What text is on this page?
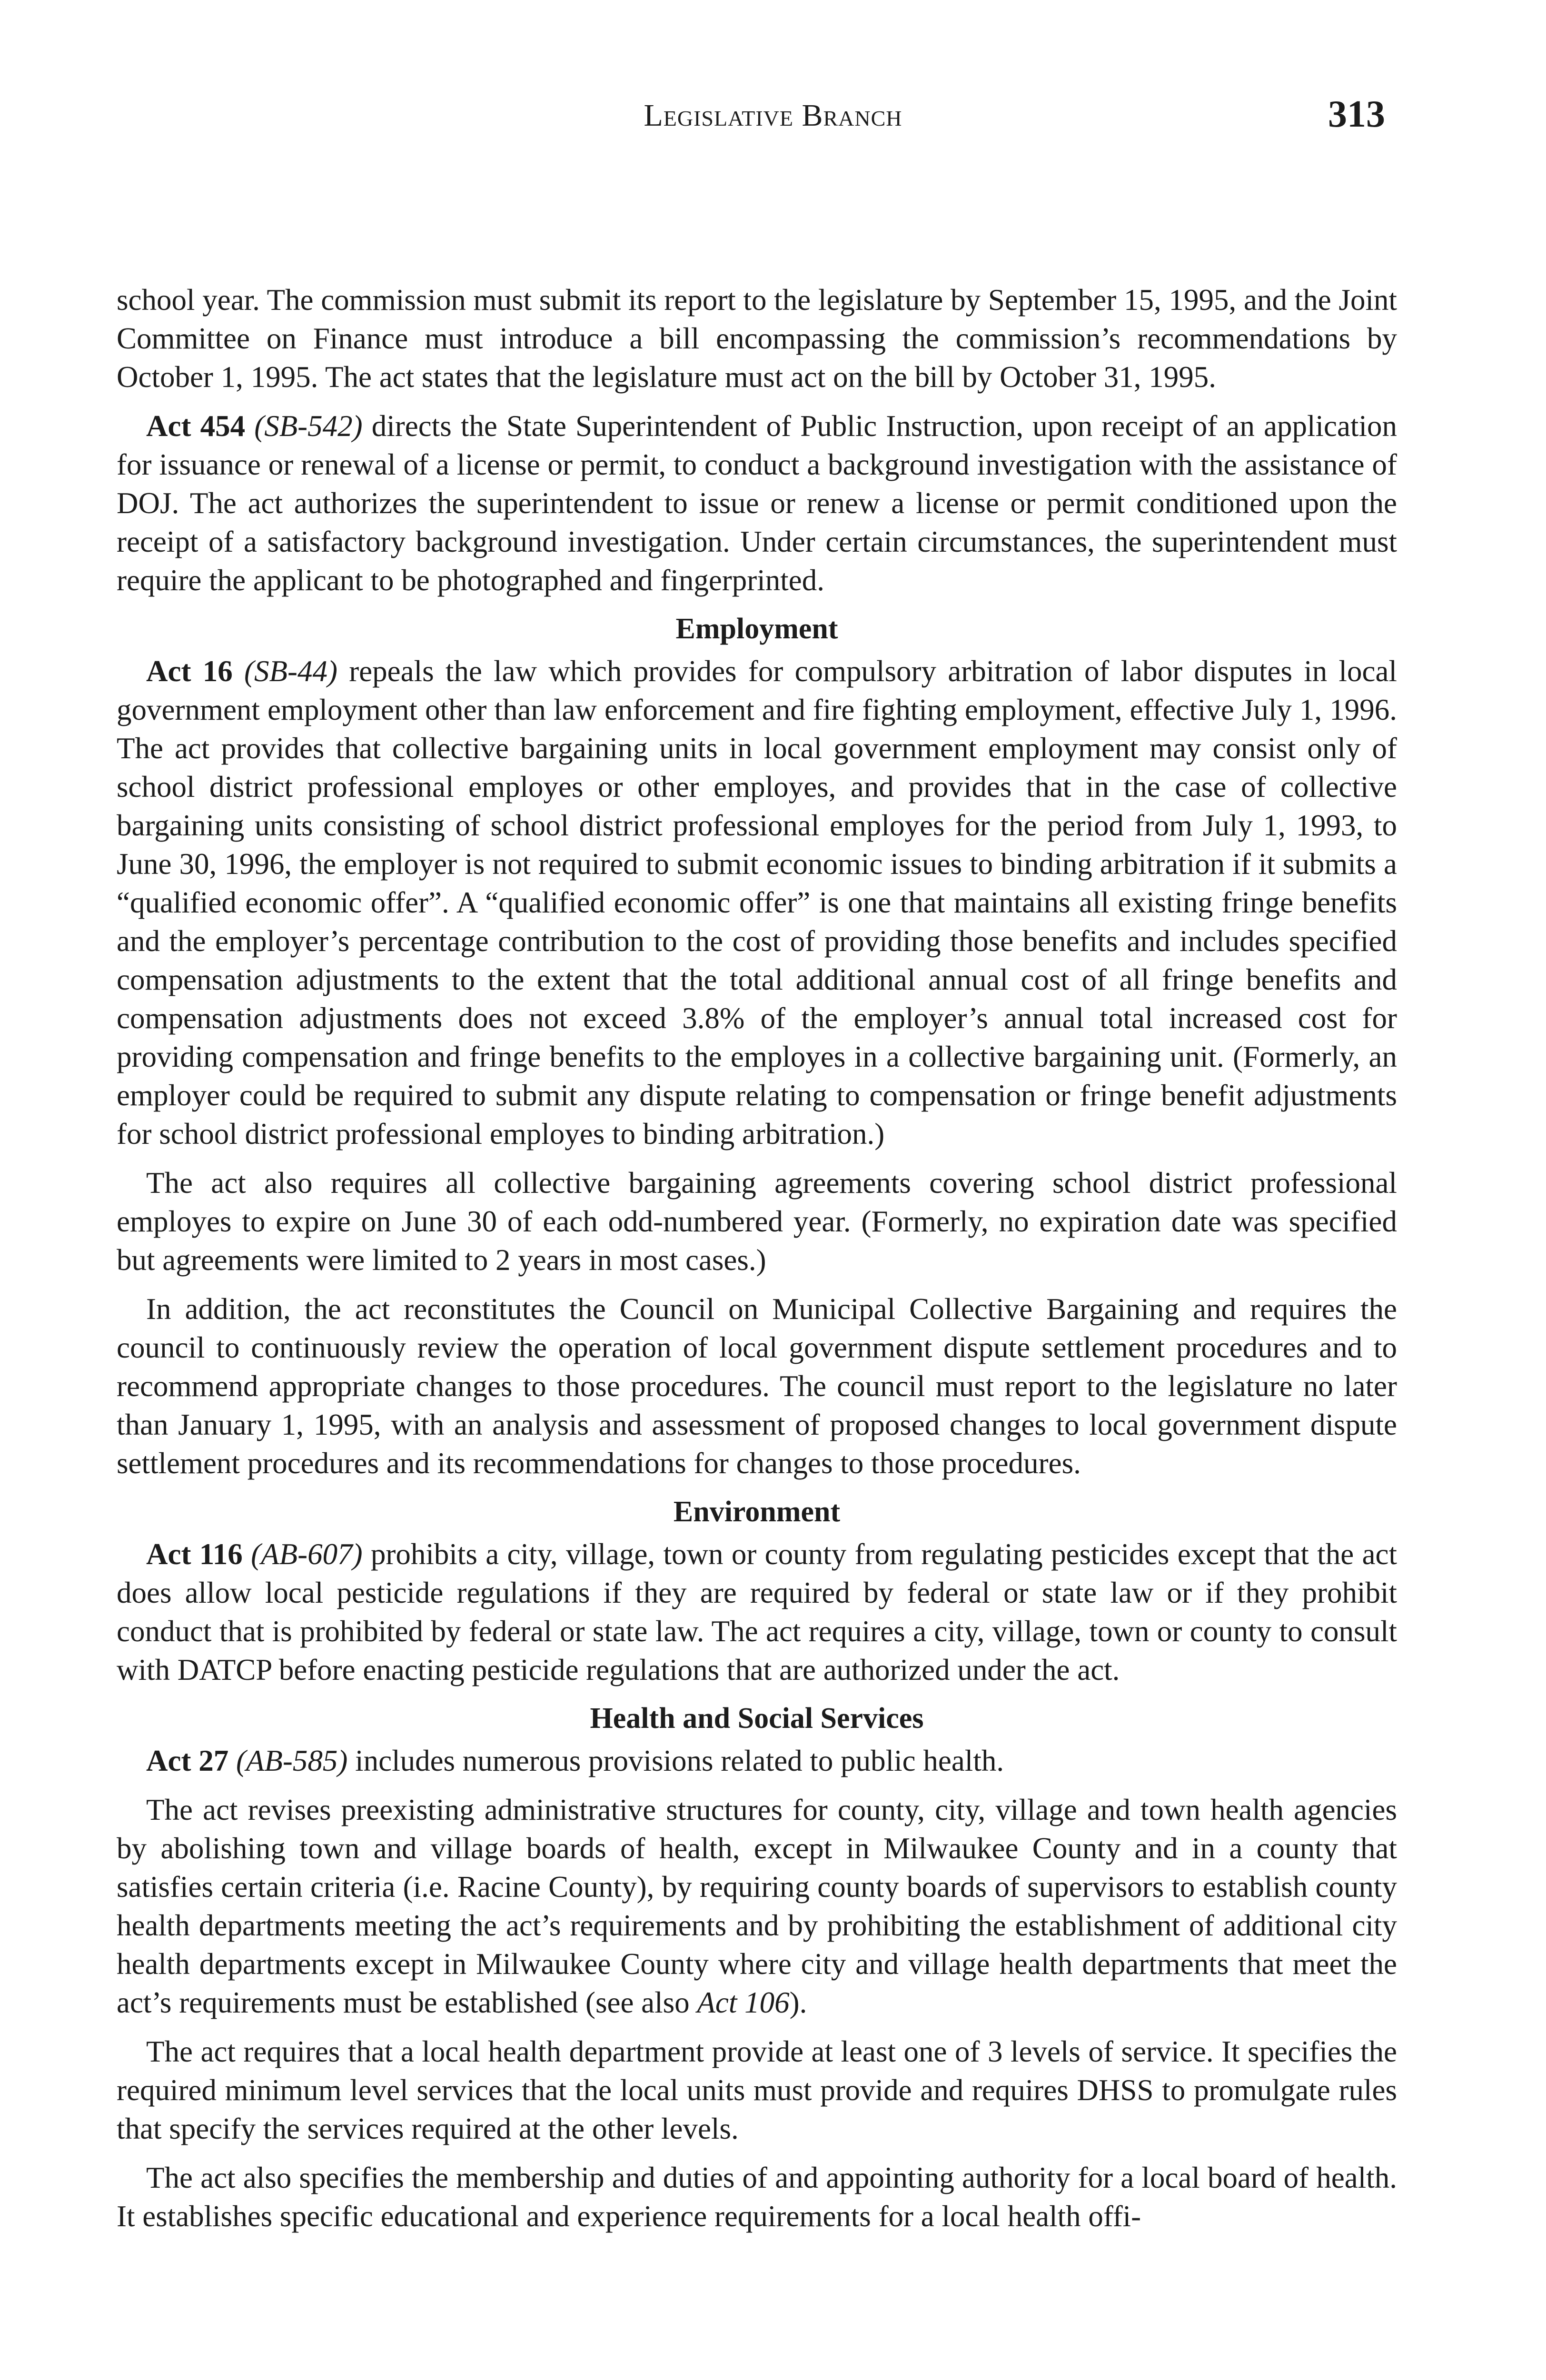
Legislative Branch	313

school year. The commission must submit its report to the legislature by September 15, 1995, and the Joint Committee on Finance must introduce a bill encompassing the commission’s recommendations by October 1, 1995. The act states that the legislature must act on the bill by October 31, 1995.

Act 454 (SB-542) directs the State Superintendent of Public Instruction, upon receipt of an application for issuance or renewal of a license or permit, to conduct a background investigation with the assistance of DOJ. The act authorizes the superintendent to issue or renew a license or permit conditioned upon the receipt of a satisfactory background investigation. Under certain circumstances, the superintendent must require the applicant to be photographed and fingerprinted.

Employment

Act 16 (SB-44) repeals the law which provides for compulsory arbitration of labor disputes in local government employment other than law enforcement and fire fighting employment, effective July 1, 1996. The act provides that collective bargaining units in local government employment may consist only of school district professional employes or other employes, and provides that in the case of collective bargaining units consisting of school district professional employes for the period from July 1, 1993, to June 30, 1996, the employer is not required to submit economic issues to binding arbitration if it submits a “qualified economic offer”. A “qualified economic offer” is one that maintains all existing fringe benefits and the employer’s percentage contribution to the cost of providing those benefits and includes specified compensation adjustments to the extent that the total additional annual cost of all fringe benefits and compensation adjustments does not exceed 3.8% of the employer’s annual total increased cost for providing compensation and fringe benefits to the employes in a collective bargaining unit. (Formerly, an employer could be required to submit any dispute relating to compensation or fringe benefit adjustments for school district professional employes to binding arbitration.)

The act also requires all collective bargaining agreements covering school district professional employes to expire on June 30 of each odd-numbered year. (Formerly, no expiration date was specified but agreements were limited to 2 years in most cases.)

In addition, the act reconstitutes the Council on Municipal Collective Bargaining and requires the council to continuously review the operation of local government dispute settlement procedures and to recommend appropriate changes to those procedures. The council must report to the legislature no later than January 1, 1995, with an analysis and assessment of proposed changes to local government dispute settlement procedures and its recommendations for changes to those procedures.

Environment

Act 116 (AB-607) prohibits a city, village, town or county from regulating pesticides except that the act does allow local pesticide regulations if they are required by federal or state law or if they prohibit conduct that is prohibited by federal or state law. The act requires a city, village, town or county to consult with DATCP before enacting pesticide regulations that are authorized under the act.

Health and Social Services

Act 27 (AB-585) includes numerous provisions related to public health.

The act revises preexisting administrative structures for county, city, village and town health agencies by abolishing town and village boards of health, except in Milwaukee County and in a county that satisfies certain criteria (i.e. Racine County), by requiring county boards of supervisors to establish county health departments meeting the act’s requirements and by prohibiting the establishment of additional city health departments except in Milwaukee County where city and village health departments that meet the act’s requirements must be established (see also Act 106).

The act requires that a local health department provide at least one of 3 levels of service. It specifies the required minimum level services that the local units must provide and requires DHSS to promulgate rules that specify the services required at the other levels.

The act also specifies the membership and duties of and appointing authority for a local board of health. It establishes specific educational and experience requirements for a local health offi-
